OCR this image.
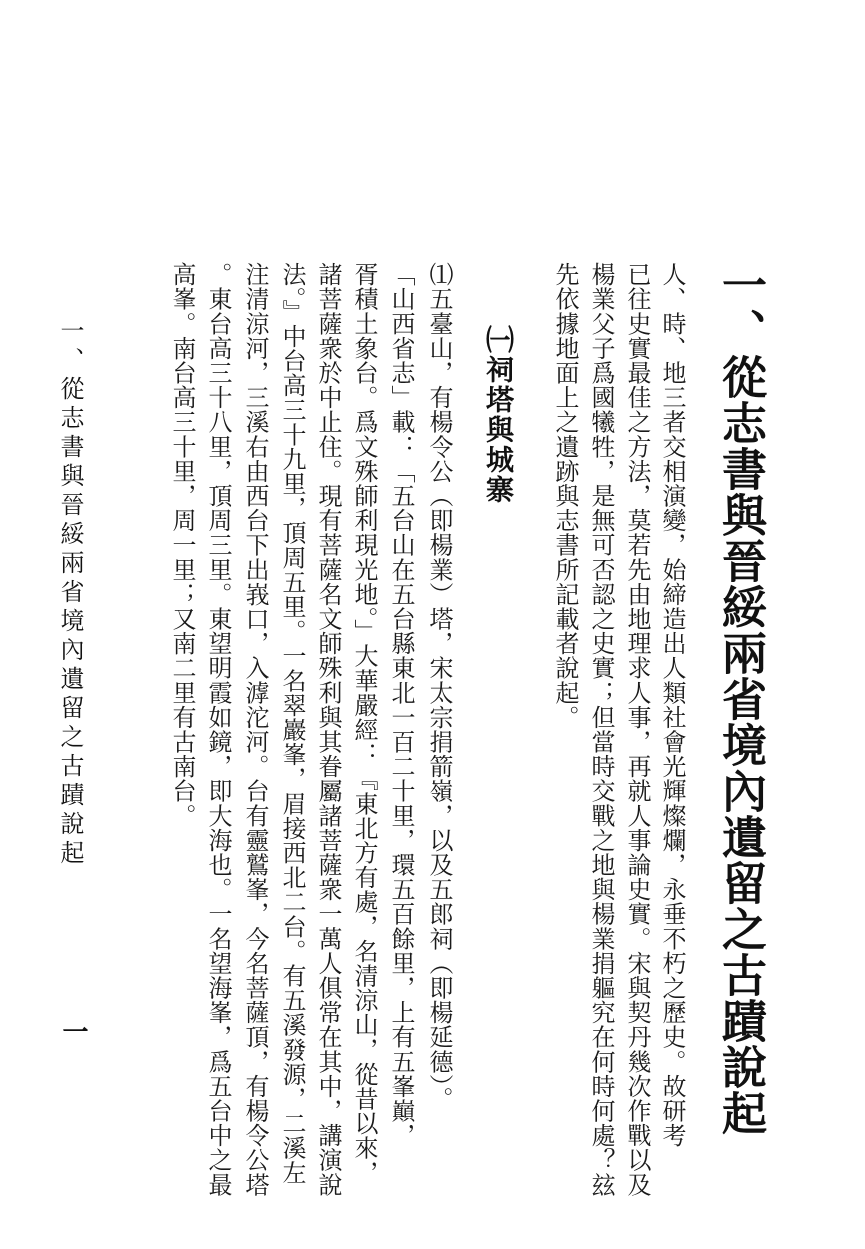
一、從志書與晉綏兩省境內遺留之古蹟說起
人、時、地三者交相演變，始締造出人類社會光輝燦爛，永垂不朽之歷史。故研考
已往史實最佳之方法，莫若先由地理求人事，再就人事論史實。宋與契丹幾次作戰以及
楊業父子爲國犧牲，是無可否認之史實；但當時交戰之地與楊業捐軀究在何時何處？玆
先依據地面上之遺跡與志書所記載者說起。
㈠祠塔與城寨
⑴五臺山，有楊令公（即楊業）塔，宋太宗捐箭嶺，以及五郎祠（即楊延德）。
「山西省志」載：「五台山在五台縣東北一百二十里，環五百餘里，上有五峯巔，
胥積土象台。爲文殊師利現光地。」大華嚴經：『東北方有處，名清涼山，從昔以來，
諸菩薩衆於中止住。現有菩薩名文師殊利與其眷屬諸菩薩衆一萬人俱常在其中，講演說
法。』中台高三十九里，頂周五里。一名翠巖峯，眉接西北二台。有五溪發源，二溪左
注清涼河，三溪右由西台下出峩口，入滹沱河。台有靈鷲峯，今名菩薩頂，有楊令公塔
。東台高三十八里，頂周三里。東望明霞如鏡，即大海也。一名望海峯，爲五台中之最
高峯。南台高三十里，周一里；又南二里有古南台。
一、從志書與晉綏兩省境內遺留之古蹟說起
一
